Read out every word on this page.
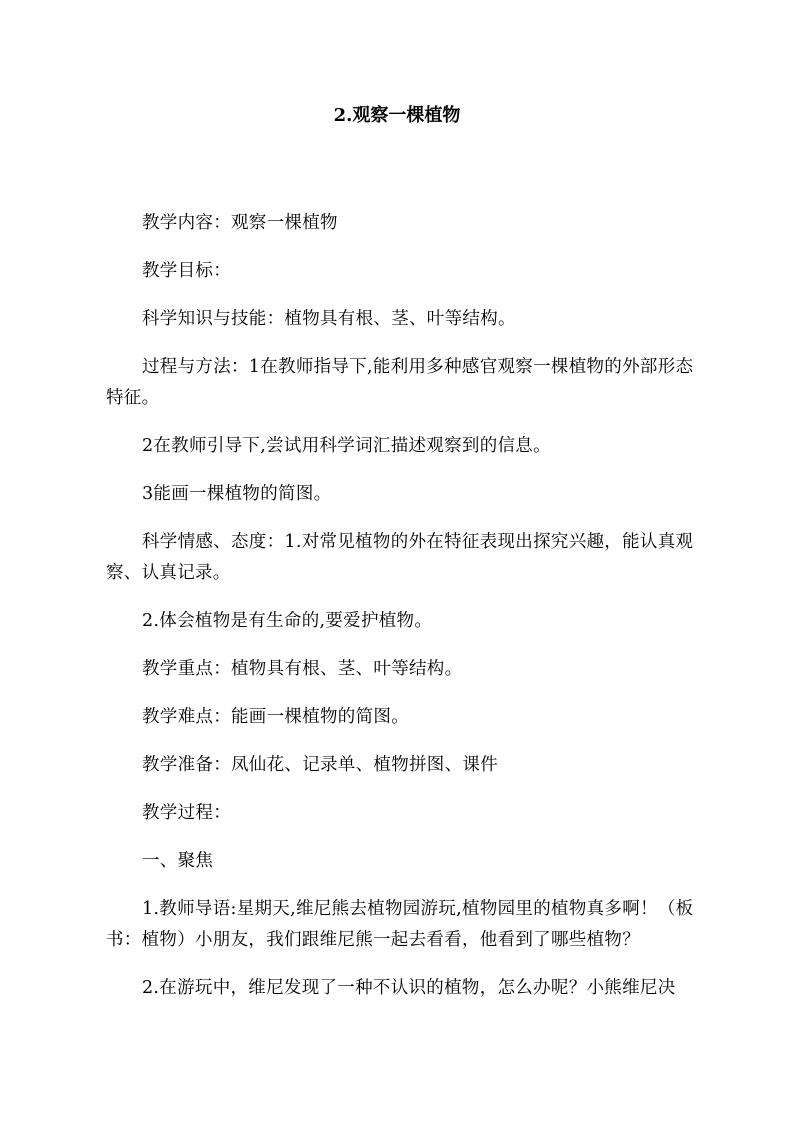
2.观察一棵植物

教学内容：观察一棵植物

教学目标：

科学知识与技能：植物具有根、茎、叶等结构。

过程与方法：1在教师指导下,能利用多种感官观察一棵植物的外部形态特征。

2在教师引导下,尝试用科学词汇描述观察到的信息。

3能画一棵植物的简图。

科学情感、态度：1.对常见植物的外在特征表现出探究兴趣，能认真观察、认真记录。

2.体会植物是有生命的,要爱护植物。

教学重点：植物具有根、茎、叶等结构。

教学难点：能画一棵植物的简图。

教学准备：凤仙花、记录单、植物拼图、课件

教学过程：

一、聚焦

1.教师导语:星期天,维尼熊去植物园游玩,植物园里的植物真多啊！（板书：植物）小朋友，我们跟维尼熊一起去看看，他看到了哪些植物？

2.在游玩中，维尼发现了一种不认识的植物，怎么办呢？小熊维尼决
